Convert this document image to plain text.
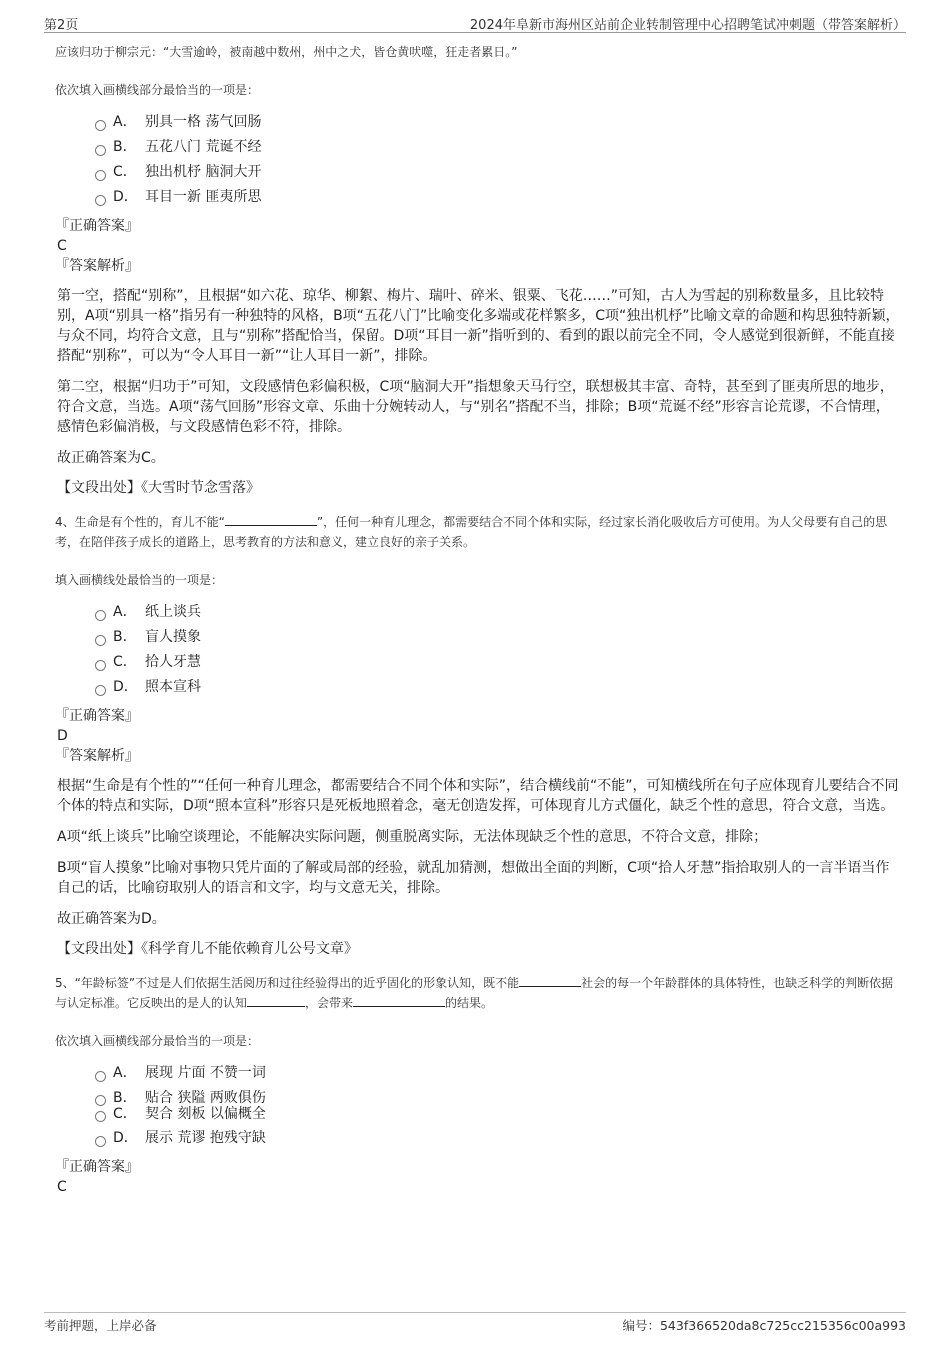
第2页	2024年阜新市海州区站前企业转制管理中心招聘笔试冲刺题（带答案解析）

应该归功于柳宗元：“大雪逾岭，被南越中数州，州中之犬，皆仓黄吠噬，狂走者累日。”

依次填入画横线部分最恰当的一项是：

A． 别具一格 荡气回肠
B． 五花八门 荒诞不经
C． 独出机杼 脑洞大开
D． 耳目一新 匪夷所思

『正确答案』

C

『答案解析』

第一空，搭配“别称”，且根据“如六花、琼华、柳絮、梅片、瑞叶、碎米、银粟、飞花……”可知，古人为雪起的别称数量多，且比较特别，A项“别具一格”指另有一种独特的风格，B项“五花八门”比喻变化多端或花样繁多，C项“独出机杼”比喻文章的命题和构思独特新颖，与众不同，均符合文意，且与“别称”搭配恰当，保留。D项“耳目一新”指听到的、看到的跟以前完全不同，令人感觉到很新鲜，不能直接搭配“别称”，可以为“令人耳目一新”“让人耳目一新”，排除。

第二空，根据“归功于”可知，文段感情色彩偏积极，C项“脑洞大开”指想象天马行空，联想极其丰富、奇特，甚至到了匪夷所思的地步，符合文意，当选。A项“荡气回肠”形容文章、乐曲十分婉转动人，与“别名”搭配不当，排除；B项“荒诞不经”形容言论荒谬，不合情理，感情色彩偏消极，与文段感情色彩不符，排除。

故正确答案为C。

【文段出处】《大雪时节念雪落》

4、生命是有个性的，育儿不能“	”，任何一种育儿理念，都需要结合不同个体和实际，经过家长消化吸收后方可使用。为人父母要有自己的思考，在陪伴孩子成长的道路上，思考教育的方法和意义，建立良好的亲子关系。

填入画横线处最恰当的一项是：

A． 纸上谈兵
B． 盲人摸象
C． 拾人牙慧
D． 照本宣科

『正确答案』

D

『答案解析』

根据“生命是有个性的”“任何一种育儿理念，都需要结合不同个体和实际”，结合横线前“不能”，可知横线所在句子应体现育儿要结合不同个体的特点和实际，D项“照本宣科”形容只是死板地照着念，毫无创造发挥，可体现育儿方式僵化，缺乏个性的意思，符合文意，当选。

A项“纸上谈兵”比喻空谈理论，不能解决实际问题，侧重脱离实际，无法体现缺乏个性的意思，不符合文意，排除；

B项“盲人摸象”比喻对事物只凭片面的了解或局部的经验，就乱加猜测，想做出全面的判断，C项“拾人牙慧”指拾取别人的一言半语当作自己的话，比喻窃取别人的语言和文字，均与文意无关，排除。

故正确答案为D。

【文段出处】《科学育儿不能依赖育儿公号文章》

5、“年龄标签”不过是人们依据生活阅历和过往经验得出的近乎固化的形象认知，既不能	社会的每一个年龄群体的具体特性，也缺乏科学的判断依据与认定标准。它反映出的是人的认知	，会带来	的结果。

依次填入画横线部分最恰当的一项是：

A． 展现 片面 不赞一词
B． 贴合 狭隘 两败俱伤
C． 契合 刻板 以偏概全
D． 展示 荒谬 抱残守缺

『正确答案』

C

考前押题，上岸必备	编号：543f366520da8c725cc215356c00a993
